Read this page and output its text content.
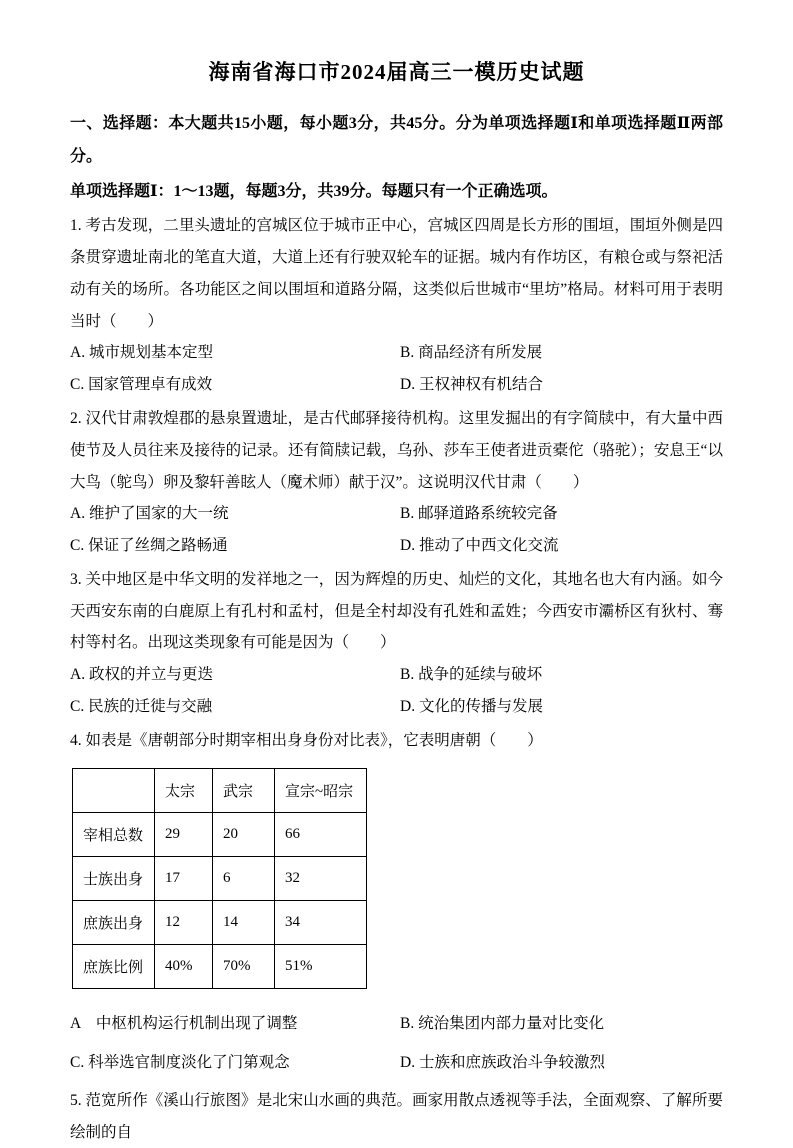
海南省海口市2024届高三一模历史试题

一、选择题：本大题共15小题，每小题3分，共45分。分为单项选择题Ⅰ和单项选择题Ⅱ两部分。

单项选择题Ⅰ：1～13题，每题3分，共39分。每题只有一个正确选项。

1. 考古发现，二里头遗址的宫城区位于城市正中心，宫城区四周是长方形的围垣，围垣外侧是四条贯穿遗址南北的笔直大道，大道上还有行驶双轮车的证据。城内有作坊区，有粮仓或与祭祀活动有关的场所。各功能区之间以围垣和道路分隔，这类似后世城市“里坊”格局。材料可用于表明当时（　　）

A. 城市规划基本定型	B. 商品经济有所发展
C. 国家管理卓有成效	D. 王权神权有机结合

2. 汉代甘肃敦煌郡的悬泉置遗址，是古代邮驿接待机构。这里发掘出的有字简牍中，有大量中西使节及人员往来及接待的记录。还有简牍记载，乌孙、莎车王使者进贡橐佗（骆驼）；安息王“以大鸟（鸵鸟）卵及黎轩善眩人（魔术师）献于汉”。这说明汉代甘肃（　　）

A. 维护了国家的大一统	B. 邮驿道路系统较完备
C. 保证了丝绸之路畅通	D. 推动了中西文化交流

3. 关中地区是中华文明的发祥地之一，因为辉煌的历史、灿烂的文化，其地名也大有内涵。如今天西安东南的白鹿原上有孔村和孟村，但是全村却没有孔姓和孟姓；今西安市灞桥区有狄村、骞村等村名。出现这类现象有可能是因为（　　）

A. 政权的并立与更迭	B. 战争的延续与破坏
C. 民族的迁徙与交融	D. 文化的传播与发展

4. 如表是《唐朝部分时期宰相出身身份对比表》，它表明唐朝（　　）

	太宗	武宗	宣宗~昭宗
宰相总数	29	20	66
士族出身	17	6	32
庶族出身	12	14	34
庶族比例	40%	70%	51%
A　中枢机构运行机制出现了调整	B. 统治集团内部力量对比变化
C. 科举选官制度淡化了门第观念	D. 士族和庶族政治斗争较激烈

5. 范宽所作《溪山行旅图》是北宋山水画的典范。画家用散点透视等手法，全面观察、了解所要绘制的自
